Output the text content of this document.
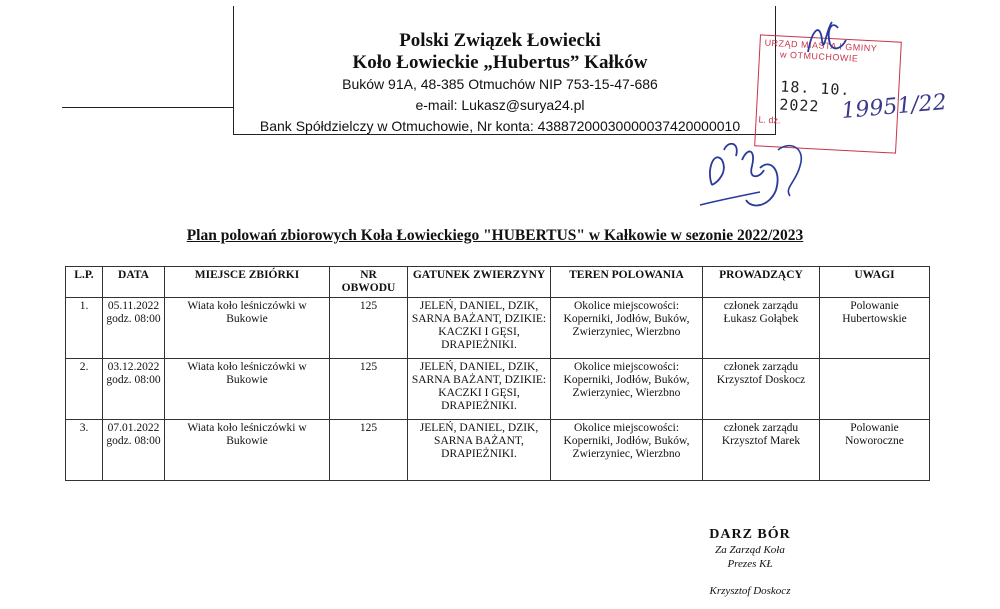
Polski Związek Łowiecki
Koło Łowieckie „Hubertus” Kałków
Buków 91A, 48-385 Otmuchów NIP 753-15-47-686
e-mail: Lukasz@surya24.pl
Bank Spółdzielczy w Otmuchowie, Nr konta: 43887200030000037420000010
URZĄD MIASTA I GMINY
w OTMUCHOWIE
18. 10. 2022
L. dz.	19951/22
Plan polowań zbiorowych Koła Łowieckiego "HUBERTUS" w Kałkowie w sezonie 2022/2023
L.P.	DATA	MIEJSCE ZBIÓRKI	NR OBWODU	GATUNEK ZWIERZYNY	TEREN POLOWANIA	PROWADZĄCY	UWAGI
1.	05.11.2022 godz. 08:00	Wiata koło leśniczówki w Bukowie	125	JELEŃ, DANIEL, DZIK, SARNA BAŻANT, DZIKIE: KACZKI I GĘSI, DRAPIEŻNIKI.	Okolice miejscowości: Koperniki, Jodłów, Buków, Zwierzyniec, Wierzbno	członek zarządu Łukasz Gołąbek	Polowanie Hubertowskie
2.	03.12.2022 godz. 08:00	Wiata koło leśniczówki w Bukowie	125	JELEŃ, DANIEL, DZIK, SARNA BAŻANT, DZIKIE: KACZKI I GĘSI, DRAPIEŻNIKI.	Okolice miejscowości: Koperniki, Jodłów, Buków, Zwierzyniec, Wierzbno	członek zarządu Krzysztof Doskocz	
3.	07.01.2022 godz. 08:00	Wiata koło leśniczówki w Bukowie	125	JELEŃ, DANIEL, DZIK, SARNA BAŻANT, DRAPIEŻNIKI.	Okolice miejscowości: Koperniki, Jodłów, Buków, Zwierzyniec, Wierzbno	członek zarządu Krzysztof Marek	Polowanie Noworoczne
DARZ BÓR
Za Zarząd Koła
Prezes KŁ
Krzysztof Doskocz
